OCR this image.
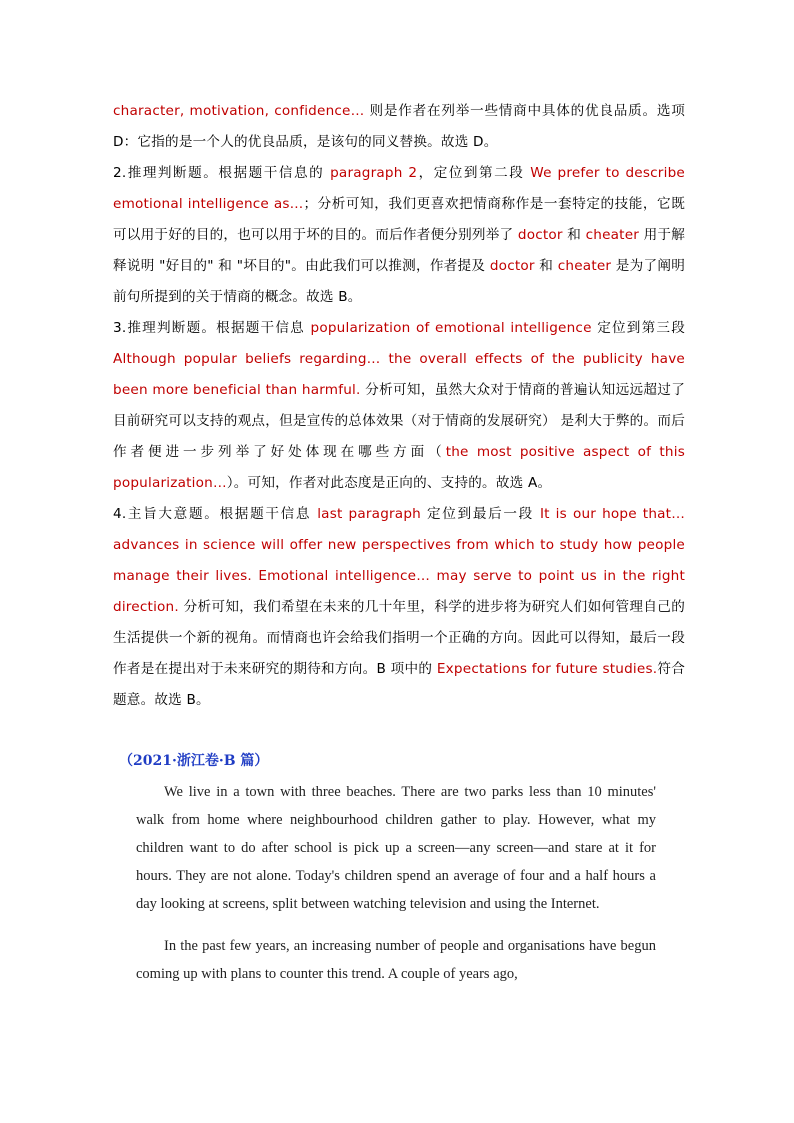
character, motivation, confidence… 则是作者在列举一些情商中具体的优良品质。选项 D：它指的是一个人的优良品质，是该句的同义替换。故选 D。

2.推理判断题。根据题干信息的 paragraph 2，定位到第二段 We prefer to describe emotional intelligence as…；分析可知，我们更喜欢把情商称作是一套特定的技能，它既可以用于好的目的，也可以用于坏的目的。而后作者便分别列举了 doctor 和 cheater 用于解释说明 "好目的" 和 "坏目的"。由此我们可以推测，作者提及 doctor 和 cheater 是为了阐明前句所提到的关于情商的概念。故选 B。

3.推理判断题。根据题干信息 popularization of emotional intelligence 定位到第三段 Although popular beliefs regarding… the overall effects of the publicity have been more beneficial than harmful. 分析可知，虽然大众对于情商的普遍认知远远超过了目前研究可以支持的观点，但是宣传的总体效果（对于情商的发展研究） 是利大于弊的。而后作者便进一步列举了好处体现在哪些方面（the most positive aspect of this popularization…）。可知，作者对此态度是正向的、支持的。故选 A。

4.主旨大意题。根据题干信息 last paragraph 定位到最后一段 It is our hope that… advances in science will offer new perspectives from which to study how people manage their lives. Emotional intelligence… may serve to point us in the right direction. 分析可知，我们希望在未来的几十年里，科学的进步将为研究人们如何管理自己的生活提供一个新的视角。而情商也许会给我们指明一个正确的方向。因此可以得知，最后一段作者是在提出对于未来研究的期待和方向。B 项中的 Expectations for future studies.符合题意。故选 B。

（2021·浙江卷·B 篇）

We live in a town with three beaches. There are two parks less than 10 minutes' walk from home where neighbourhood children gather to play. However, what my children want to do after school is pick up a screen—any screen—and stare at it for hours. They are not alone. Today's children spend an average of four and a half hours a day looking at screens, split between watching television and using the Internet.

In the past few years, an increasing number of people and organisations have begun coming up with plans to counter this trend. A couple of years ago,
